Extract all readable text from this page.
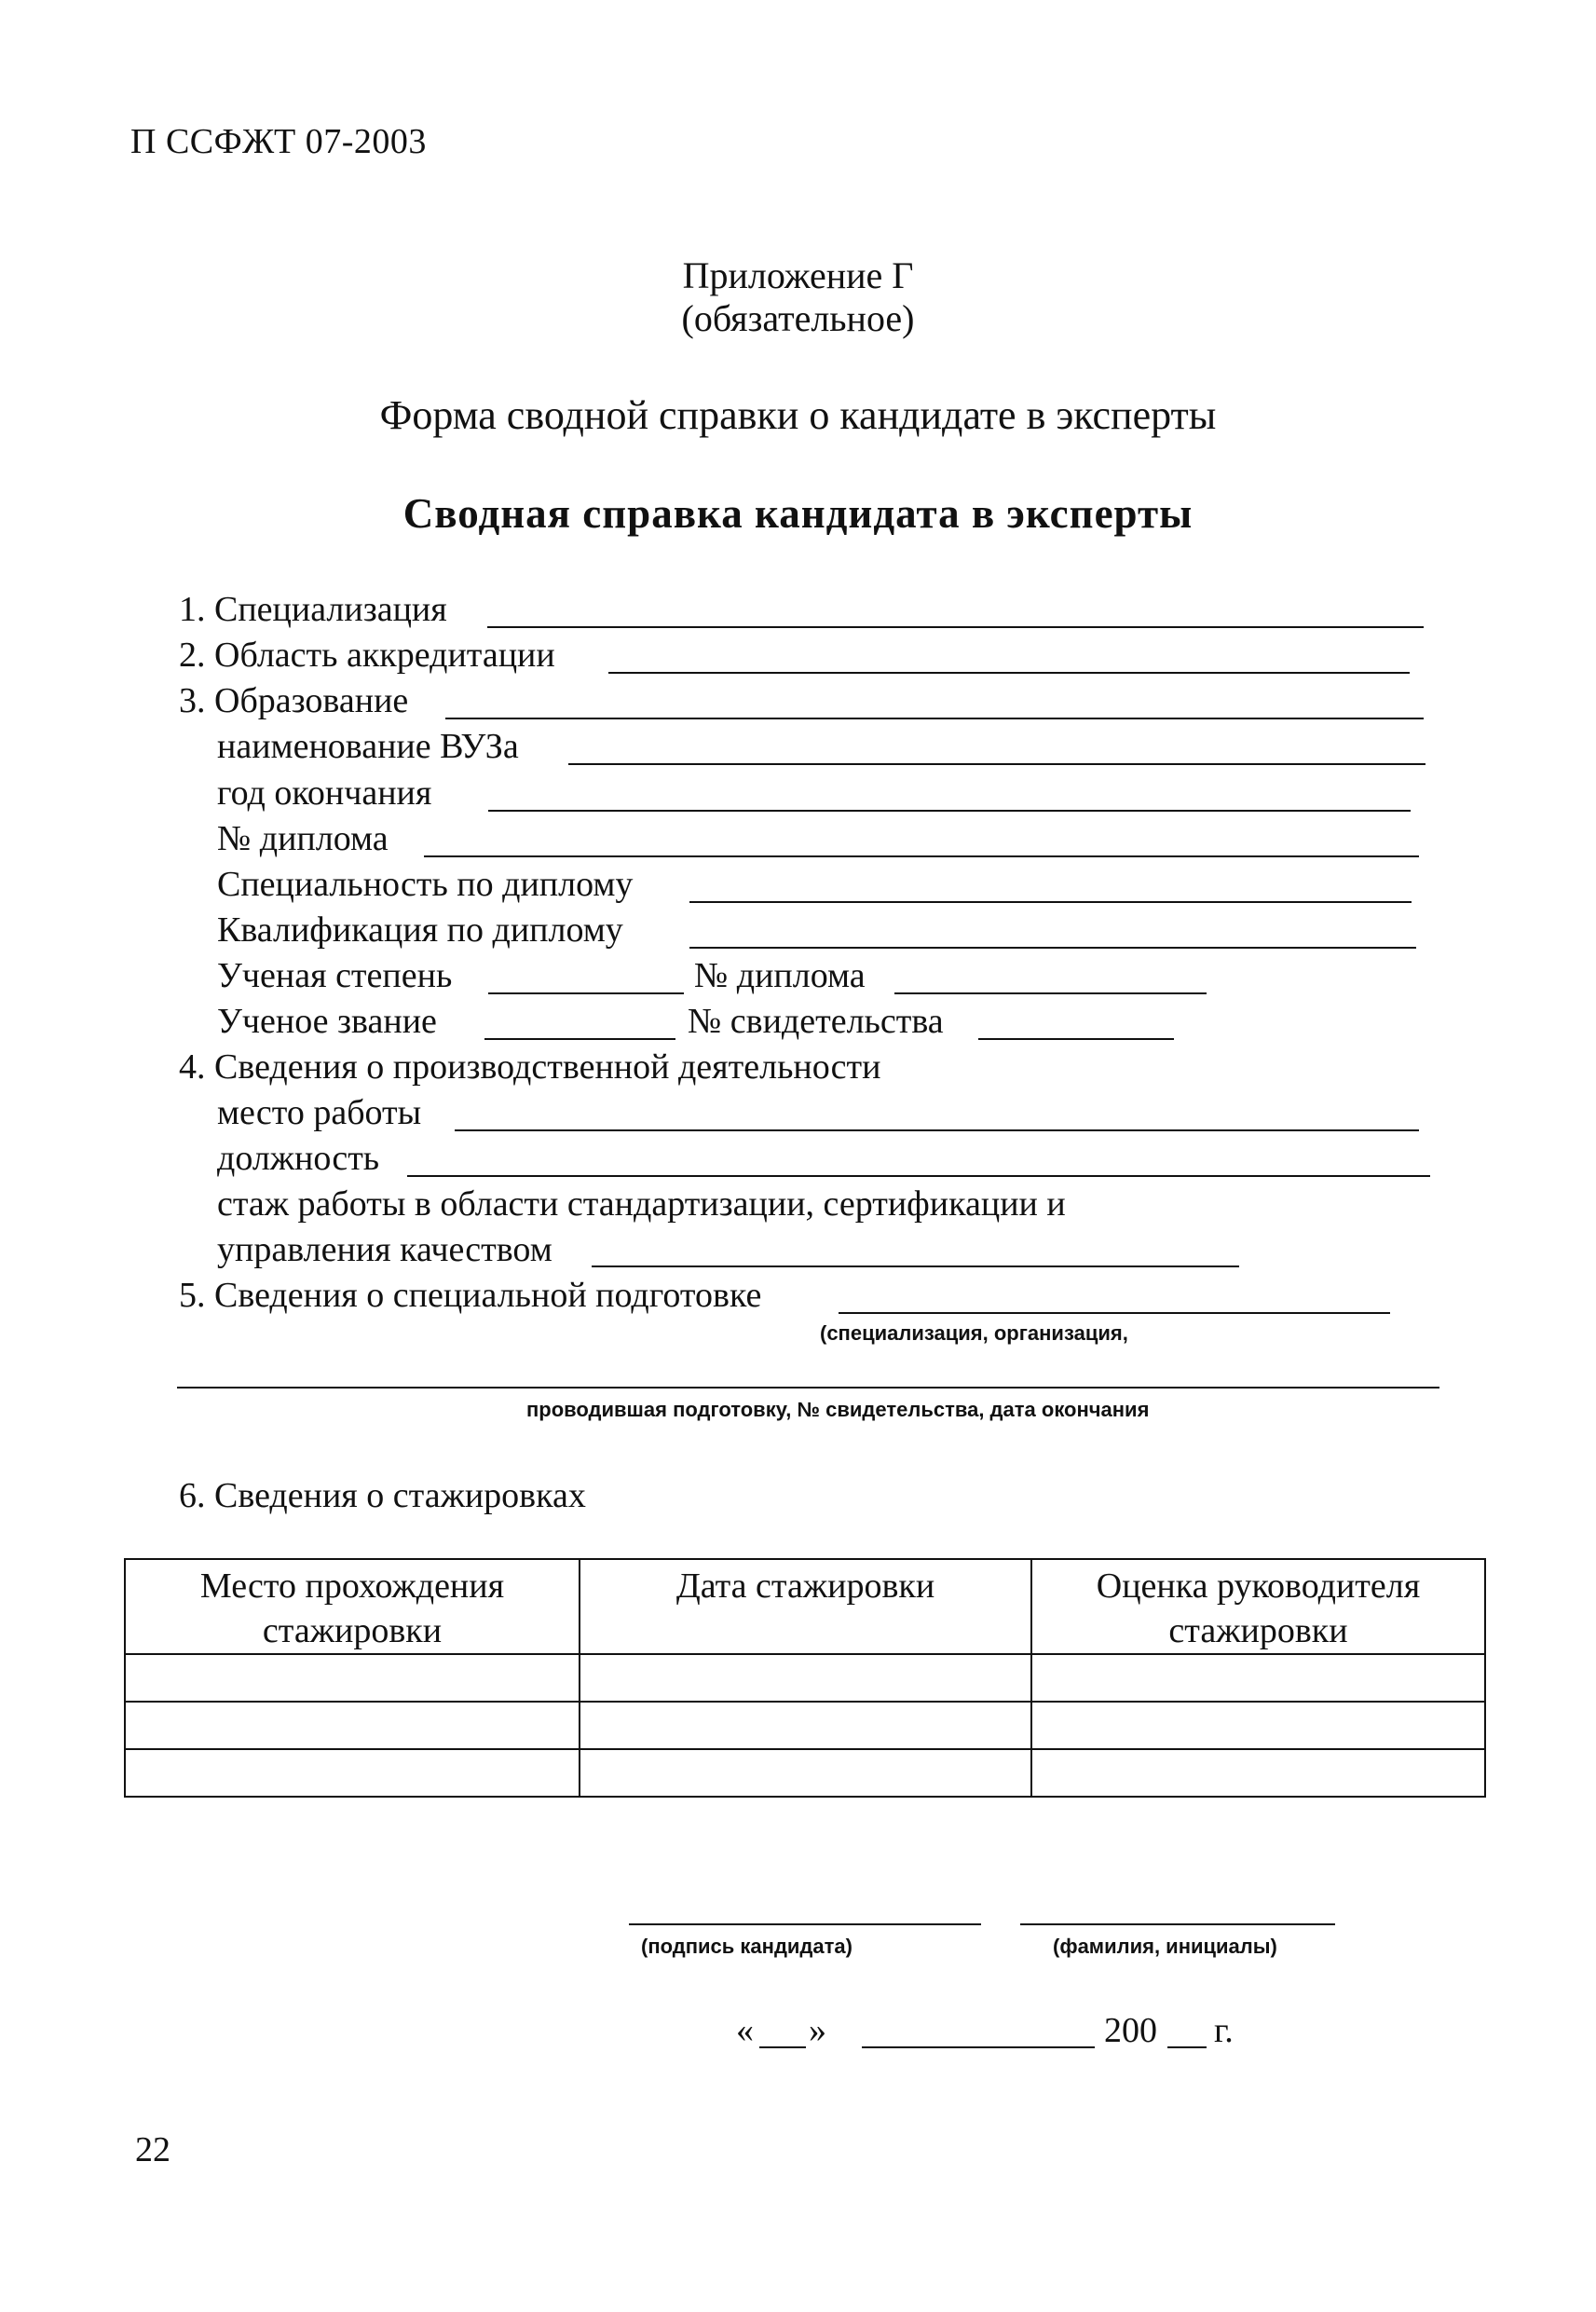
П ССФЖТ 07-2003
Приложение Г
(обязательное)
Форма сводной справки о кандидате в эксперты
Сводная справка кандидата в эксперты
1. Специализация
2. Область аккредитации
3. Образование
наименование ВУЗа
год окончания
№ диплома
Специальность по диплому
Квалификация по диплому
Ученая степень	№ диплома
Ученое звание	№ свидетельства
4. Сведения о производственной деятельности
место работы
должность
стаж работы в области стандартизации, сертификации и
управления качеством
5. Сведения о специальной подготовке
(специализация, организация,
проводившая подготовку, № свидетельства, дата окончания
6. Сведения о стажировках
Место прохождения стажировки	Дата стажировки	Оценка руководителя стажировки

(подпись кандидата)	(фамилия, инициалы)
« »	200 г.
22
